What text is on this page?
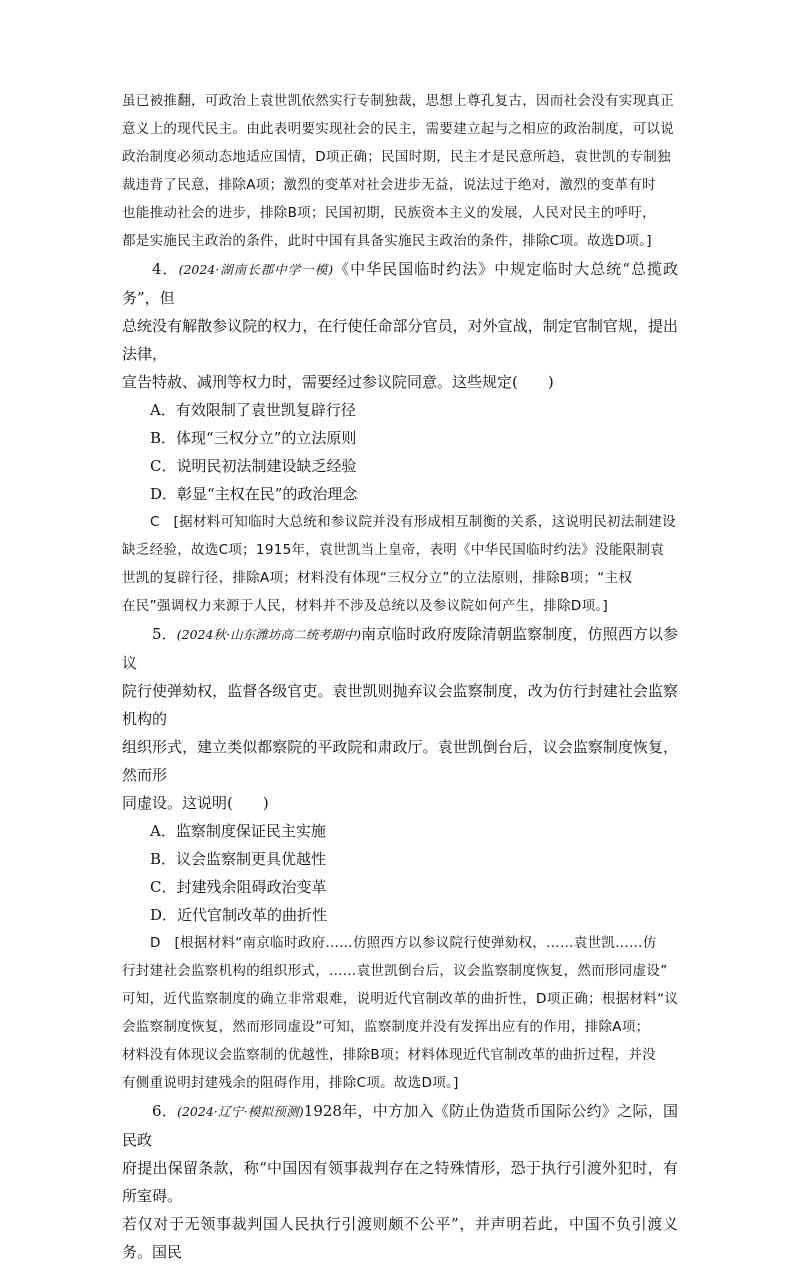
虽已被推翻，可政治上袁世凯依然实行专制独裁，思想上尊孔复古，因而社会没有实现真正
意义上的现代民主。由此表明要实现社会的民主，需要建立起与之相应的政治制度，可以说
政治制度必须动态地适应国情，D项正确；民国时期，民主才是民意所趋，袁世凯的专制独
裁违背了民意，排除A项；激烈的变革对社会进步无益，说法过于绝对，激烈的变革有时
也能推动社会的进步，排除B项；民国初期，民族资本主义的发展，人民对民主的呼吁，
都是实施民主政治的条件，此时中国有具备实施民主政治的条件，排除C项。故选D项。]

4．(2024·湖南长郡中学一模)《中华民国临时约法》中规定临时大总统“总揽政务”，但

总统没有解散参议院的权力，在行使任命部分官员，对外宣战，制定官制官规，提出法律，

宣告特赦、减刑等权力时，需要经过参议院同意。这些规定(　　)

A．有效限制了袁世凯复辟行径

B．体现“三权分立”的立法原则

C．说明民初法制建设缺乏经验

D．彰显“主权在民”的政治理念

C　[据材料可知临时大总统和参议院并没有形成相互制衡的关系，这说明民初法制建设
缺乏经验，故选C项；1915年，袁世凯当上皇帝，表明《中华民国临时约法》没能限制袁
世凯的复辟行径，排除A项；材料没有体现“三权分立”的立法原则，排除B项；“主权
在民”强调权力来源于人民，材料并不涉及总统以及参议院如何产生，排除D项。]

5．(2024秋·山东潍坊高二统考期中)南京临时政府废除清朝监察制度，仿照西方以参议

院行使弹劾权，监督各级官吏。袁世凯则抛弃议会监察制度，改为仿行封建社会监察机构的

组织形式，建立类似都察院的平政院和肃政厅。袁世凯倒台后，议会监察制度恢复，然而形

同虚设。这说明(　　)

A．监察制度保证民主实施

B．议会监察制更具优越性

C．封建残余阻碍政治变革

D．近代官制改革的曲折性

D　[根据材料“南京临时政府……仿照西方以参议院行使弹劾权，……袁世凯……仿
行封建社会监察机构的组织形式，……袁世凯倒台后，议会监察制度恢复，然而形同虚设”
可知，近代监察制度的确立非常艰难，说明近代官制改革的曲折性，D项正确；根据材料“议
会监察制度恢复，然而形同虚设”可知，监察制度并没有发挥出应有的作用，排除A项；
材料没有体现议会监察制的优越性，排除B项；材料体现近代官制改革的曲折过程，并没
有侧重说明封建残余的阻碍作用，排除C项。故选D项。]

6．(2024·辽宁·模拟预测)1928年，中方加入《防止伪造货币国际公约》之际，国民政

府提出保留条款，称“中国因有领事裁判存在之特殊情形，恐于执行引渡外犯时，有所室碍。

若仅对于无领事裁判国人民执行引渡则颇不公平”，并声明若此，中国不负引渡义务。国民
